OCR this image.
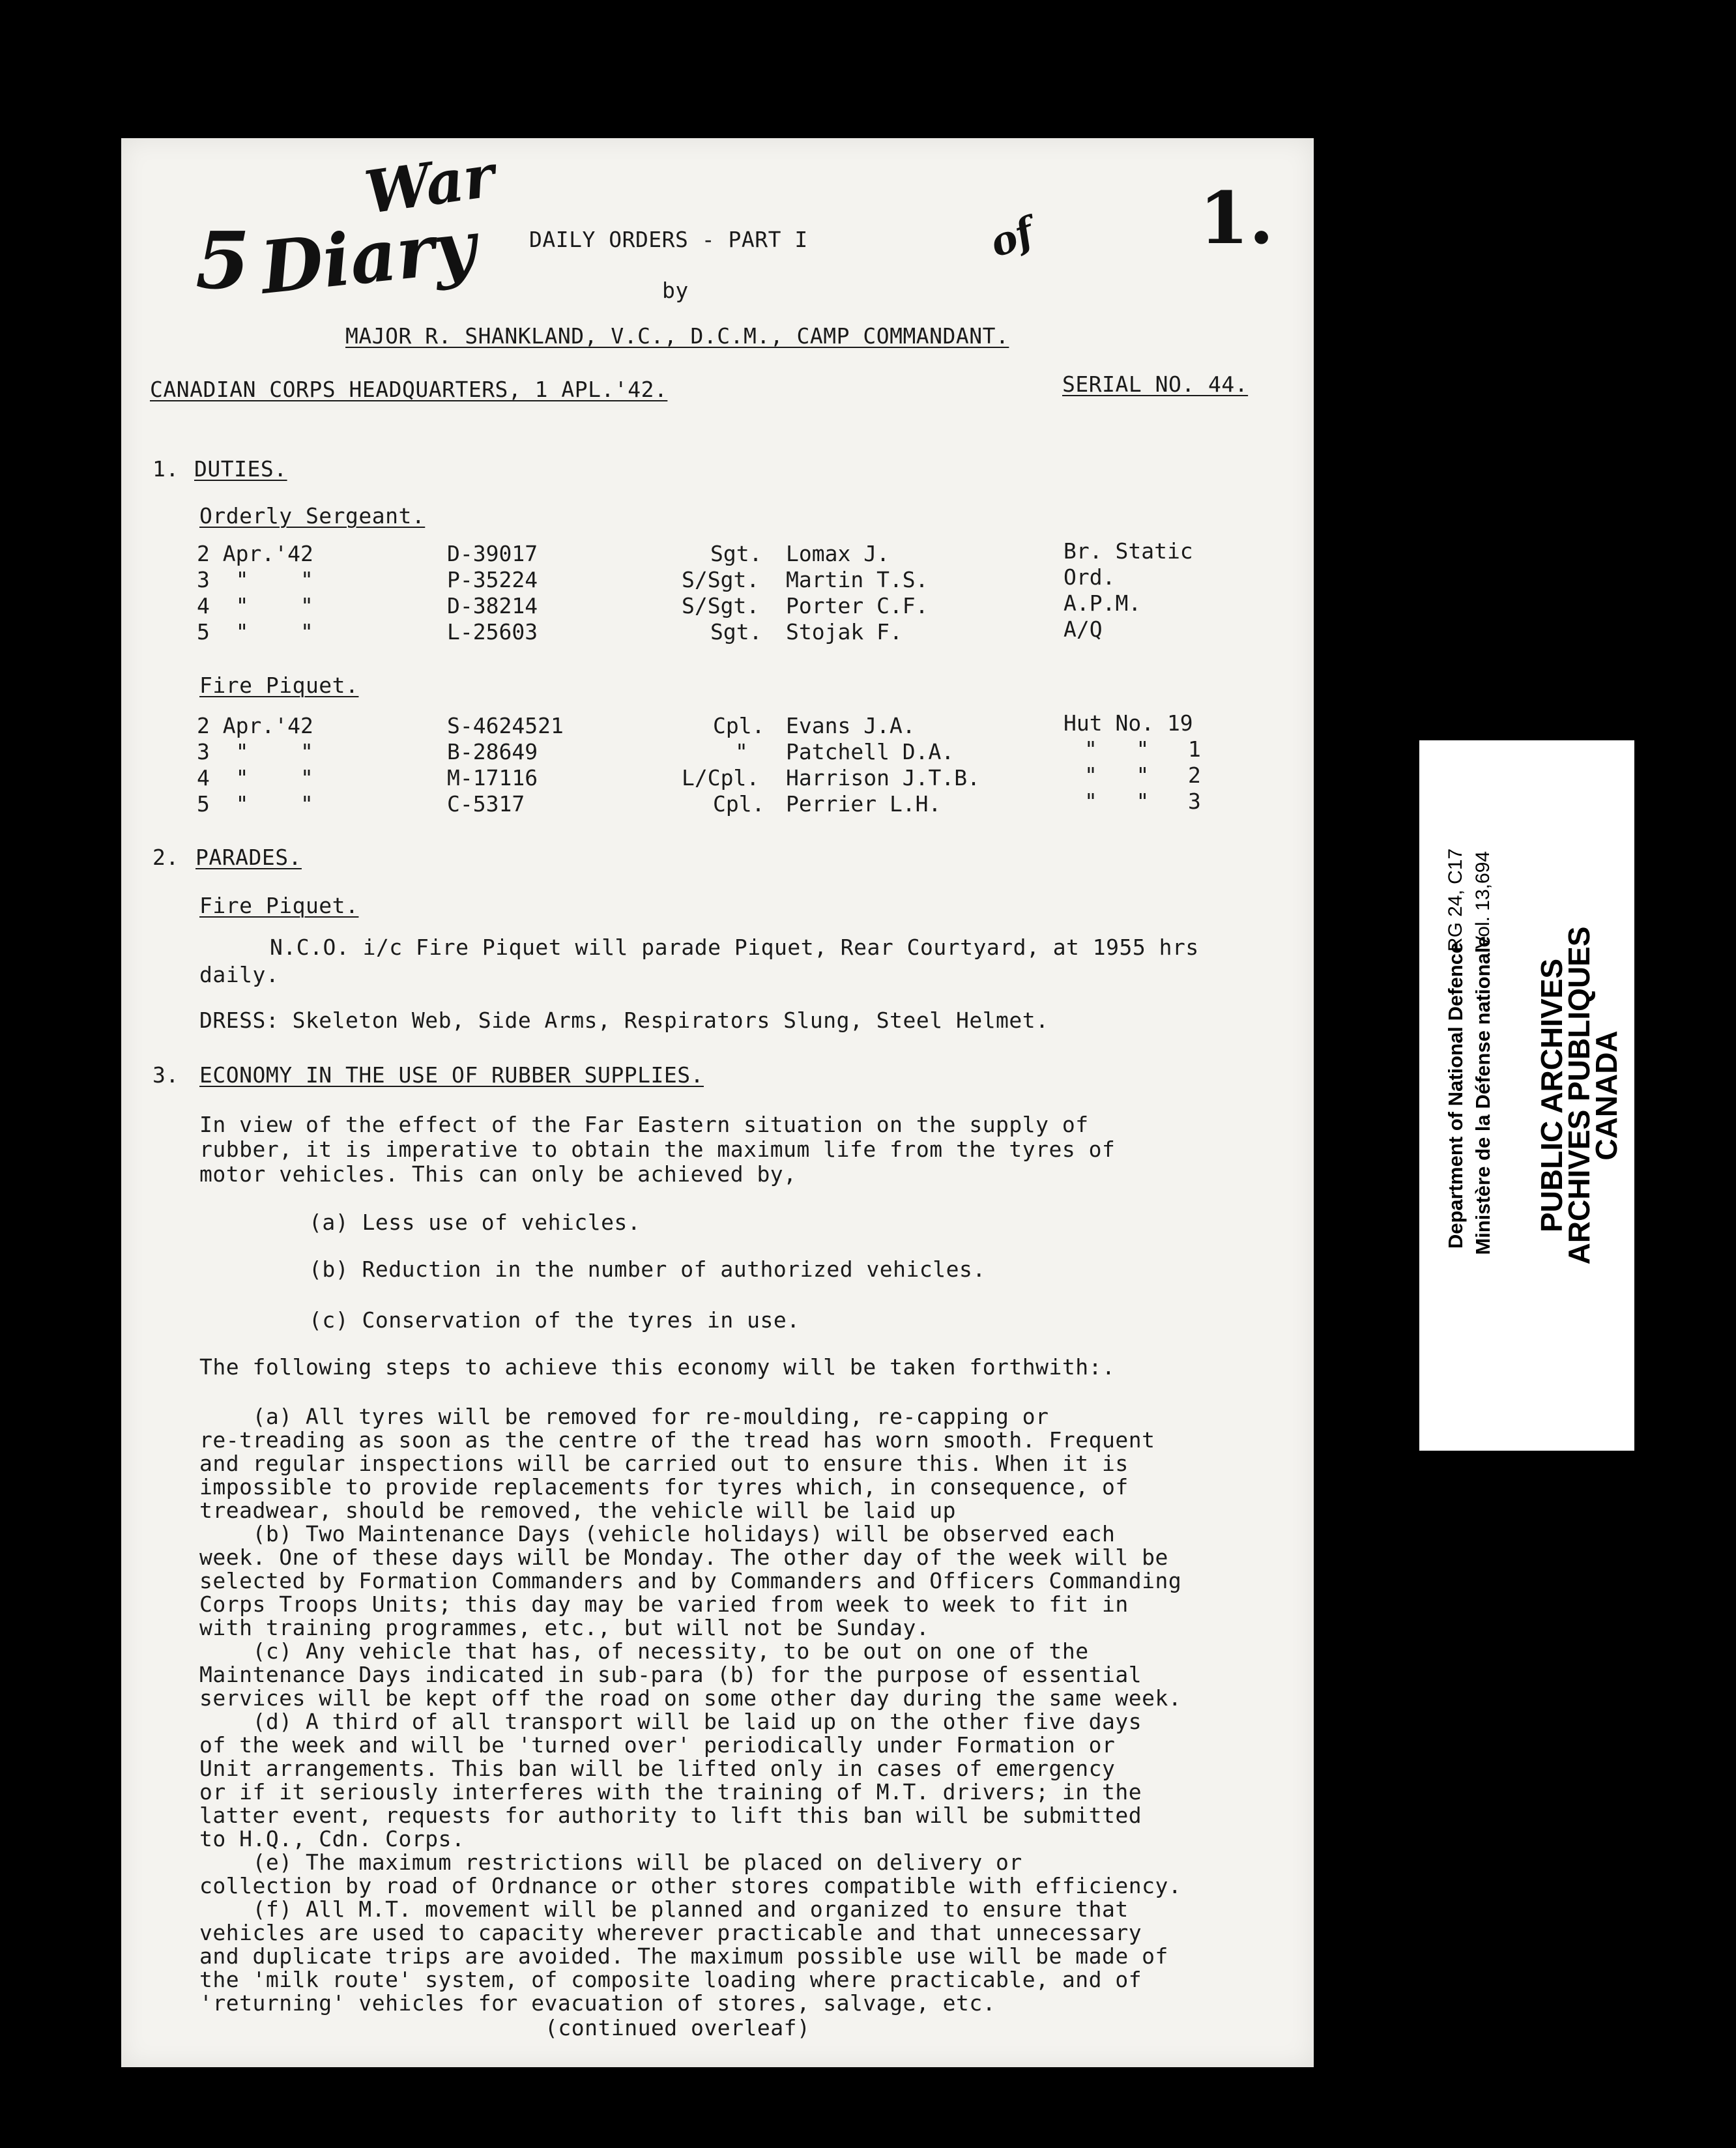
5
War
Diary	of 1.
DAILY ORDERS - PART I
by
MAJOR R. SHANKLAND, V.C., D.C.M., CAMP COMMANDANT.
CANADIAN CORPS HEADQUARTERS, 1 APL.'42.	SERIAL NO. 44.
1. DUTIES.
Orderly Sergeant.
2 Apr.'42	D-39017	Sgt. Lomax J.	Br. Static
3  "    "	P-35224	S/Sgt. Martin T.S.	Ord.
4  "    "	D-38214	S/Sgt. Porter C.F.	A.P.M.
5  "    "	L-25603	Sgt. Stojak F.	A/Q
Fire Piquet.
2 Apr.'42	S-4624521	Cpl. Evans J.A.	Hut No. 19
3  "    "	B-28649	" Patchell D.A.	"   "   1
4  "    "	M-17116	L/Cpl. Harrison J.T.B.	"   "   2
5  "    "	C-5317	Cpl. Perrier L.H.	"   "   3
2. PARADES.
Fire Piquet.
N.C.O. i/c Fire Piquet will parade Piquet, Rear Courtyard, at 1955 hrs
daily.
DRESS: Skeleton Web, Side Arms, Respirators Slung, Steel Helmet.
3. ECONOMY IN THE USE OF RUBBER SUPPLIES.
In view of the effect of the Far Eastern situation on the supply of
rubber, it is imperative to obtain the maximum life from the tyres of
motor vehicles. This can only be achieved by,
(a) Less use of vehicles.
(b) Reduction in the number of authorized vehicles.
(c) Conservation of the tyres in use.
The following steps to achieve this economy will be taken forthwith:.
(a) All tyres will be removed for re-moulding, re-capping or
re-treading as soon as the centre of the tread has worn smooth. Frequent
and regular inspections will be carried out to ensure this. When it is
impossible to provide replacements for tyres which, in consequence, of
treadwear, should be removed, the vehicle will be laid up
(b) Two Maintenance Days (vehicle holidays) will be observed each
week. One of these days will be Monday. The other day of the week will be
selected by Formation Commanders and by Commanders and Officers Commanding
Corps Troops Units; this day may be varied from week to week to fit in
with training programmes, etc., but will not be Sunday.
(c) Any vehicle that has, of necessity, to be out on one of the
Maintenance Days indicated in sub-para (b) for the purpose of essential
services will be kept off the road on some other day during the same week.
(d) A third of all transport will be laid up on the other five days
of the week and will be 'turned over' periodically under Formation or
Unit arrangements. This ban will be lifted only in cases of emergency
or if it seriously interferes with the training of M.T. drivers; in the
latter event, requests for authority to lift this ban will be submitted
to H.Q., Cdn. Corps.
(e) The maximum restrictions will be placed on delivery or
collection by road of Ordnance or other stores compatible with efficiency.
(f) All M.T. movement will be planned and organized to ensure that
vehicles are used to capacity wherever practicable and that unnecessary
and duplicate trips are avoided. The maximum possible use will be made of
the 'milk route' system, of composite loading where practicable, and of
'returning' vehicles for evacuation of stores, salvage, etc.
(continued overleaf)
Department of National Defence Ministère de la Défense nationale
RG 24, C17 Vol. 13,694
PUBLIC ARCHIVES
ARCHIVES PUBLIQUES
CANADA
